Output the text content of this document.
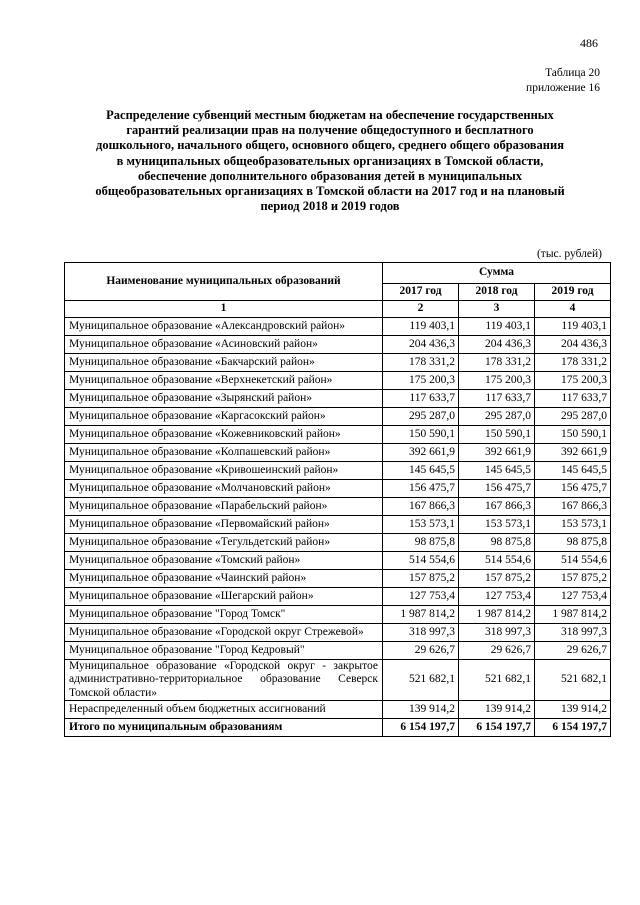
486
Таблица 20
приложение 16
Распределение субвенций местным бюджетам на обеспечение государственных
гарантий реализации прав на получение общедоступного и бесплатного
дошкольного, начального общего, основного общего, среднего общего образования
в муниципальных общеобразовательных организациях в Томской области,
обеспечение дополнительного образования детей в муниципальных
общеобразовательных организациях в Томской области на 2017 год и на плановый
период 2018 и 2019 годов
(тыс. рублей)
Наименование муниципальных образований	Сумма		
	2017 год	2018 год	2019 год
1	2	3	4
Муниципальное образование «Александровский район»	119 403,1	119 403,1	119 403,1
Муниципальное образование «Асиновский район»	204 436,3	204 436,3	204 436,3
Муниципальное образование «Бакчарский район»	178 331,2	178 331,2	178 331,2
Муниципальное образование «Верхнекетский район»	175 200,3	175 200,3	175 200,3
Муниципальное образование «Зырянский район»	117 633,7	117 633,7	117 633,7
Муниципальное образование «Каргасокский район»	295 287,0	295 287,0	295 287,0
Муниципальное образование «Кожевниковский район»	150 590,1	150 590,1	150 590,1
Муниципальное образование «Колпашевский район»	392 661,9	392 661,9	392 661,9
Муниципальное образование «Кривошеинский район»	145 645,5	145 645,5	145 645,5
Муниципальное образование «Молчановский район»	156 475,7	156 475,7	156 475,7
Муниципальное образование «Парабельский район»	167 866,3	167 866,3	167 866,3
Муниципальное образование «Первомайский район»	153 573,1	153 573,1	153 573,1
Муниципальное образование «Тегульдетский район»	98 875,8	98 875,8	98 875,8
Муниципальное образование «Томский район»	514 554,6	514 554,6	514 554,6
Муниципальное образование «Чаинский район»	157 875,2	157 875,2	157 875,2
Муниципальное образование «Шегарский район»	127 753,4	127 753,4	127 753,4
Муниципальное образование "Город Томск"	1 987 814,2	1 987 814,2	1 987 814,2
Муниципальное образование «Городской округ Стрежевой»	318 997,3	318 997,3	318 997,3
Муниципальное образование "Город Кедровый"	29 626,7	29 626,7	29 626,7
Муниципальное образование «Городской округ - закрытое административно-территориальное образование Северск Томской области»	521 682,1	521 682,1	521 682,1
Нераспределенный объем бюджетных ассигнований	139 914,2	139 914,2	139 914,2
Итого по муниципальным образованиям	6 154 197,7	6 154 197,7	6 154 197,7
